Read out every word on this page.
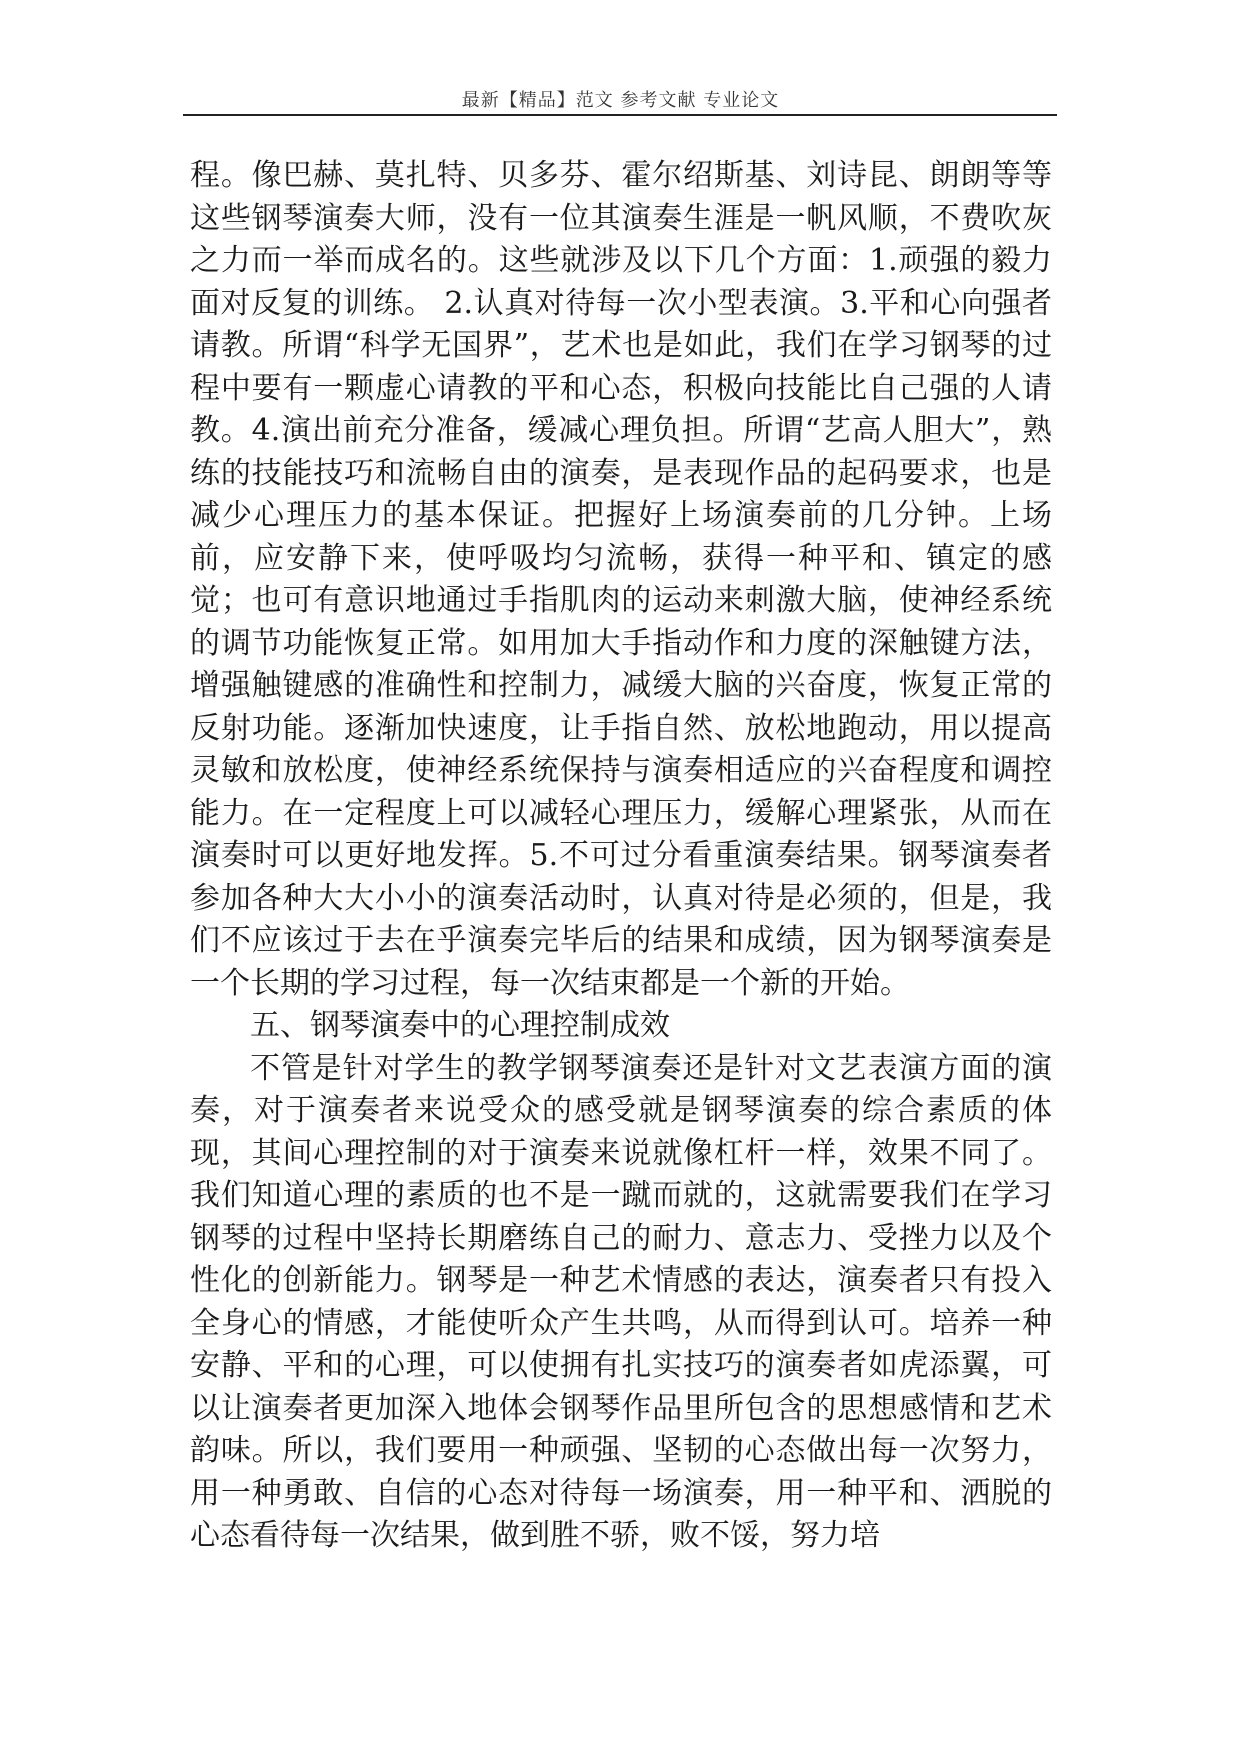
最新【精品】范文 参考文献 专业论文

程。像巴赫、莫扎特、贝多芬、霍尔绍斯基、刘诗昆、朗朗等等这些钢琴演奏大师，没有一位其演奏生涯是一帆风顺，不费吹灰之力而一举而成名的。这些就涉及以下几个方面：1.顽强的毅力面对反复的训练。 2.认真对待每一次小型表演。3.平和心向强者请教。所谓“科学无国界”，艺术也是如此，我们在学习钢琴的过程中要有一颗虚心请教的平和心态，积极向技能比自己强的人请教。4.演出前充分准备，缓减心理负担。所谓“艺高人胆大”，熟练的技能技巧和流畅自由的演奏，是表现作品的起码要求，也是减少心理压力的基本保证。把握好上场演奏前的几分钟。上场前，应安静下来，使呼吸均匀流畅，获得一种平和、镇定的感觉；也可有意识地通过手指肌肉的运动来刺激大脑，使神经系统的调节功能恢复正常。如用加大手指动作和力度的深触键方法，增强触键感的准确性和控制力，减缓大脑的兴奋度，恢复正常的反射功能。逐渐加快速度，让手指自然、放松地跑动，用以提高灵敏和放松度，使神经系统保持与演奏相适应的兴奋程度和调控能力。在一定程度上可以减轻心理压力，缓解心理紧张，从而在演奏时可以更好地发挥。5.不可过分看重演奏结果。钢琴演奏者参加各种大大小小的演奏活动时，认真对待是必须的，但是，我们不应该过于去在乎演奏完毕后的结果和成绩，因为钢琴演奏是一个长期的学习过程，每一次结束都是一个新的开始。

五、钢琴演奏中的心理控制成效

不管是针对学生的教学钢琴演奏还是针对文艺表演方面的演奏，对于演奏者来说受众的感受就是钢琴演奏的综合素质的体现，其间心理控制的对于演奏来说就像杠杆一样，效果不同了。我们知道心理的素质的也不是一蹴而就的，这就需要我们在学习钢琴的过程中坚持长期磨练自己的耐力、意志力、受挫力以及个性化的创新能力。钢琴是一种艺术情感的表达，演奏者只有投入全身心的情感，才能使听众产生共鸣，从而得到认可。培养一种安静、平和的心理，可以使拥有扎实技巧的演奏者如虎添翼，可以让演奏者更加深入地体会钢琴作品里所包含的思想感情和艺术韵味。所以，我们要用一种顽强、坚韧的心态做出每一次努力，用一种勇敢、自信的心态对待每一场演奏，用一种平和、洒脱的心态看待每一次结果，做到胜不骄，败不馁，努力培
